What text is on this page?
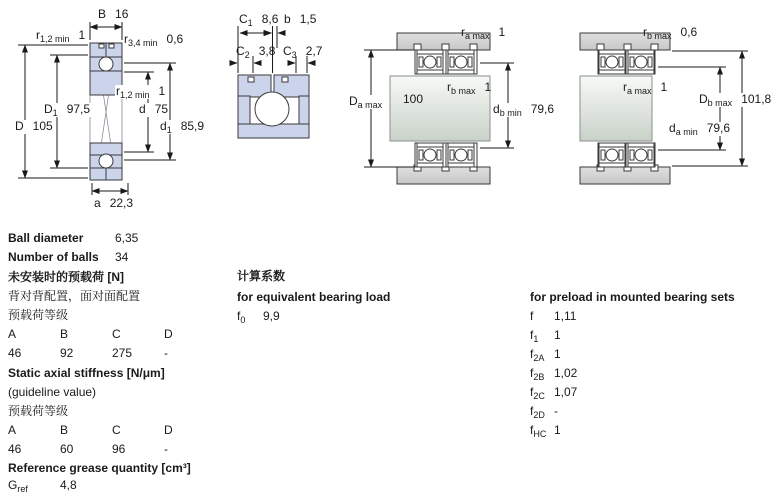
B 16
$r_{1,2 min}$ 1	$r_{3,4 min}$ 0,6
$r_{1,2 min}$ 1
$D_1$ 97,5
D 105
d 75
$d_1$ 85,9
a 22,3
$C_1$ 8,6 b 1,5
$C_2$ 3,8 $C_3$ 2,7
$r_{a max}$ 1
$r_{b max}$ 1
$D_{a max}$ 100
$d_{b min}$ 79,6
$r_{b max}$ 0,6
$r_{a max}$ 1
$D_{b max}$ 101,8
$d_{a min}$ 79,6
Ball diameter	6,35
Number of balls 34
未安装时的预载荷 [N]
背对背配置，面对面配置
预载荷等级
A	B	C	D
46	92	275	-
Static axial stiffness [N/μm]
(guideline value)
预载荷等级
A	B	C	D
46	60	96	-
Reference grease quantity [cm³]
$G_{ref}$	4,8
计算系数
for equivalent bearing load
$f_0$ 9,9
for preload in mounted bearing sets
f 1,11
$f_1$ 1
$f_{2A}$ 1
$f_{2B}$ 1,02
$f_{2C}$ 1,07
$f_{2D}$ -
$f_{HC}$ 1
